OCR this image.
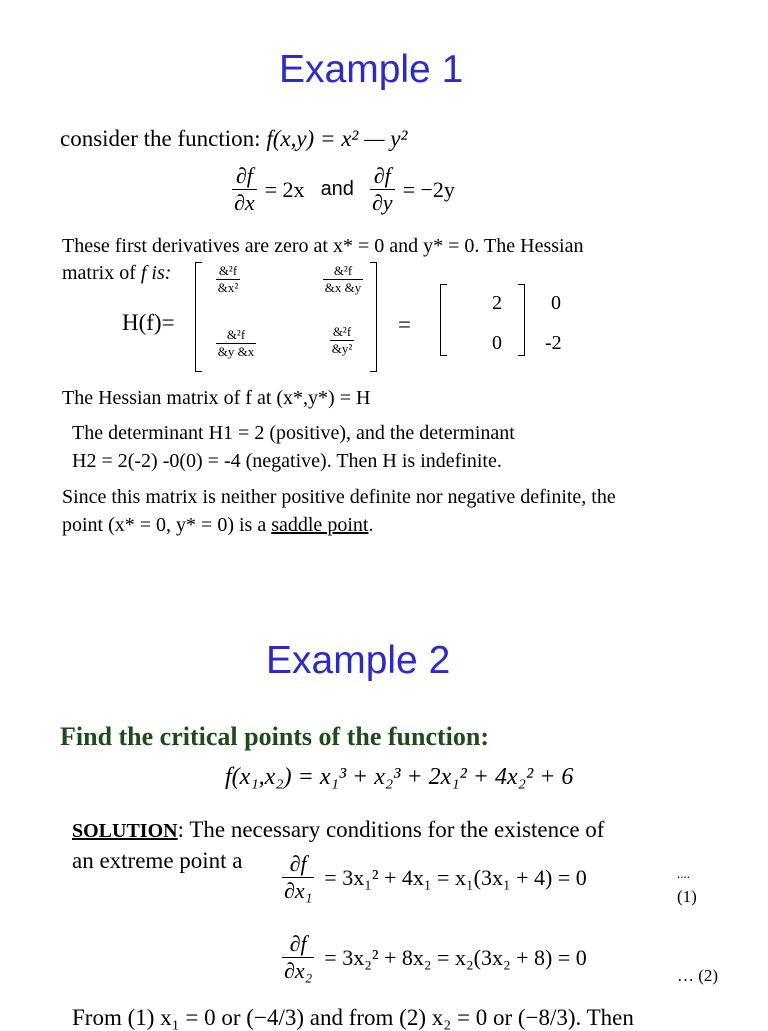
Example 1
consider the function: f(x,y) = x² — y²
$\frac{\partial f}{\partial x} = 2x$ and $\frac{\partial f}{\partial y} = -2y$
These first derivatives are zero at x* = 0 and y* = 0. The Hessian
matrix of f is:
H(f)=
$\frac{\text{\&²f}}{\text{\&x²}}$	$\frac{\text{\&²f}}{\&x \&y}$
$\frac{\text{\&²f}}{\&y \&x}$	$\frac{\text{\&²f}}{\text{\&y²}}$ =
2 0
0 -2
The Hessian matrix of f at (x*,y*) = H
The determinant H1 = 2 (positive), and the determinant
H2 = 2(-2) -0(0) = -4 (negative). Then H is indefinite.
Since this matrix is neither positive definite nor negative definite, the
point (x* = 0, y* = 0) is a saddle point.
Example 2
Find the critical points of the function:
f(x₁,x₂) = x₁³ + x₂³ + 2x₁² + 4x₂² + 6
SOLUTION: The necessary conditions for the existence of
an extreme point a $\frac{\partial f}{\text{∂x₁}} = 3x_1^2 + 4x_1 = x_1(3x_1 + 4) = 0$	....
(1)
$\frac{\partial f}{\text{∂x₂}} = 3x_2^2 + 8x_2 = x_2(3x_2 + 8) = 0$
… (2)
From (1) x₁ = 0 or (−4/3) and from (2) x₂ = 0 or (−8/3). Then
